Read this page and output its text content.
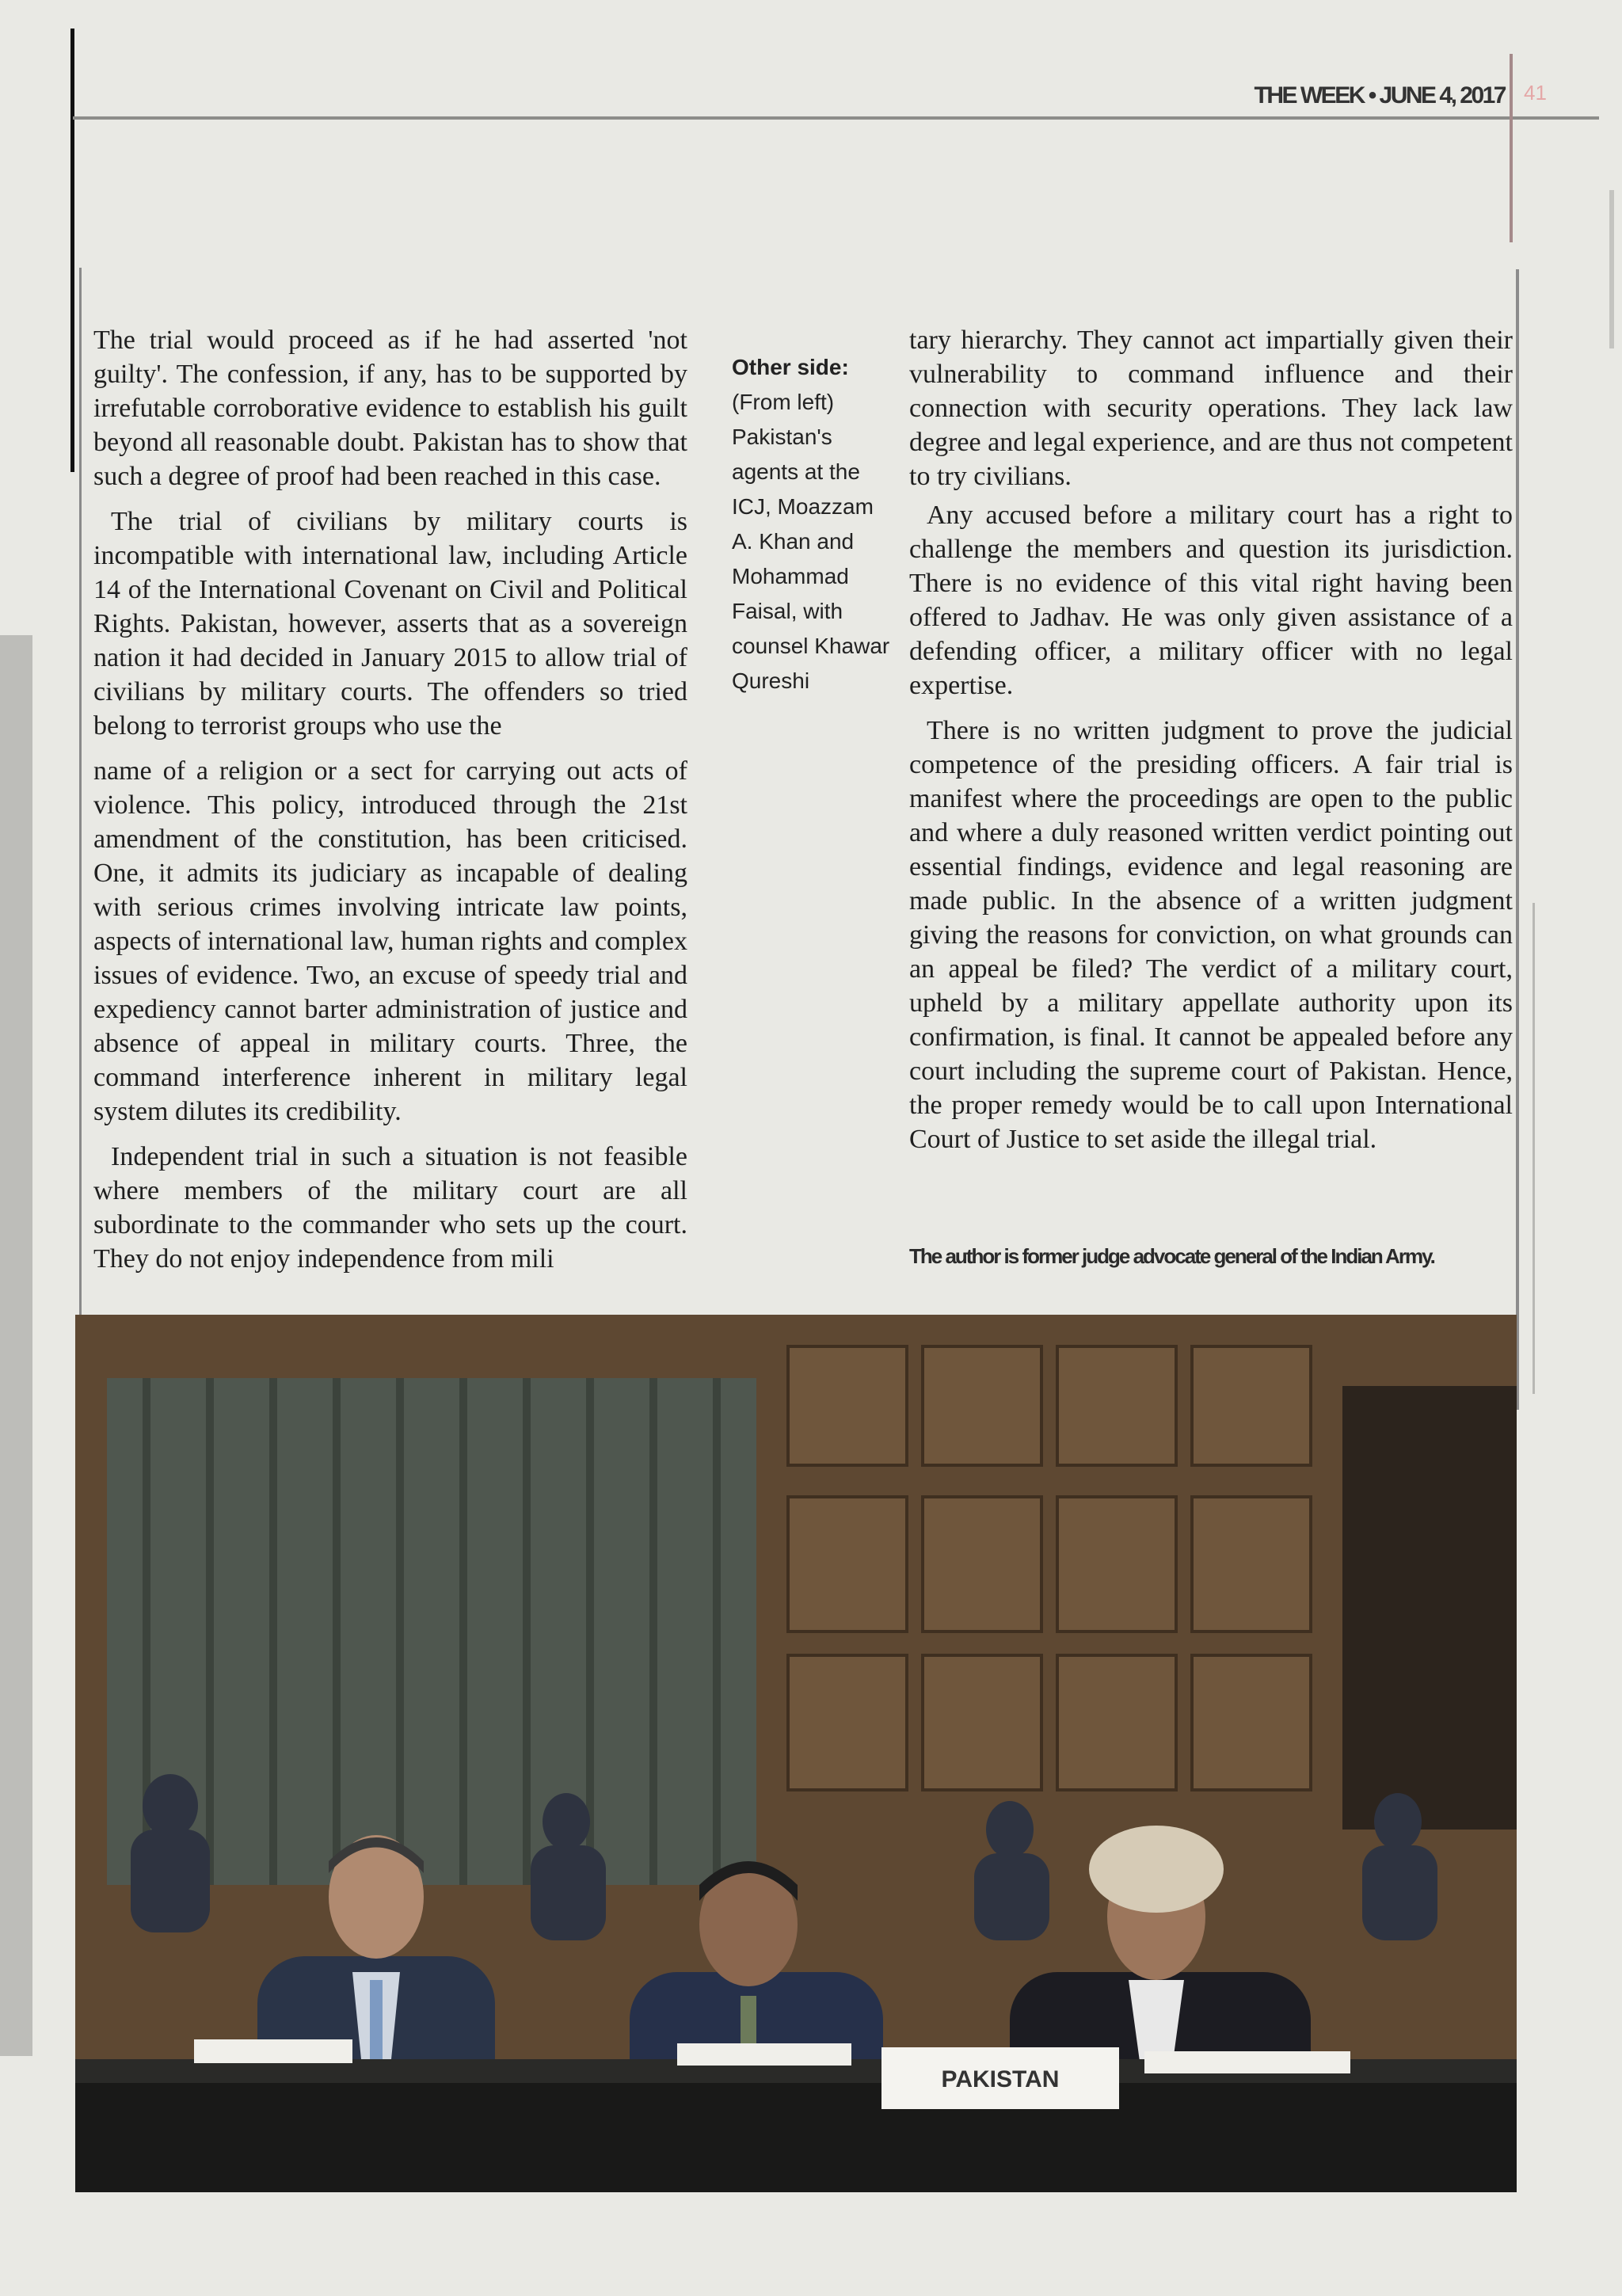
THE WEEK • JUNE 4, 2017 41

The trial would proceed as if he had asserted 'not guilty'. The confession, if any, has to be supported by irrefutable corroborative evidence to establish his guilt beyond all reasonable doubt. Pakistan has to show that such a degree of proof had been reached in this case.

The trial of civilians by military courts is incompatible with international law, including Article 14 of the International Covenant on Civil and Political Rights. Pakistan, however, asserts that as a sovereign nation it had decided in January 2015 to allow trial of civilians by military courts. The offenders so tried belong to terrorist groups who use the

name of a religion or a sect for carrying out acts of violence. This policy, introduced through the 21st amendment of the constitution, has been criticised. One, it admits its judiciary as incapable of dealing with serious crimes involving intricate law points, aspects of international law, human rights and complex issues of evidence. Two, an excuse of speedy trial and expediency cannot barter administration of justice and absence of appeal in military courts. Three, the command interference inherent in military legal system dilutes its credibility.

Independent trial in such a situation is not feasible where members of the military court are all subordinate to the commander who sets up the court. They do not enjoy independence from mili

Other side: (From left) Pakistan's agents at the ICJ, Moazzam A. Khan and Mohammad Faisal, with counsel Khawar Qureshi

tary hierarchy. They cannot act impartially given their vulnerability to command influence and their connection with security operations. They lack law degree and legal experience, and are thus not competent to try civilians.

Any accused before a military court has a right to challenge the members and question its jurisdiction. There is no evidence of this vital right having been offered to Jadhav. He was only given assistance of a defending officer, a military officer with no legal expertise.

There is no written judgment to prove the judicial competence of the presiding officers. A fair trial is manifest where the proceedings are open to the public and where a duly reasoned written verdict pointing out essential findings, evidence and legal reasoning are made public. In the absence of a written judgment giving the reasons for conviction, on what grounds can an appeal be filed? The verdict of a military court, upheld by a military appellate authority upon its confirmation, is final. It cannot be appealed before any court including the supreme court of Pakistan. Hence, the proper remedy would be to call upon International Court of Justice to set aside the illegal trial.

The author is former judge advocate general of the Indian Army.
PAKISTAN
